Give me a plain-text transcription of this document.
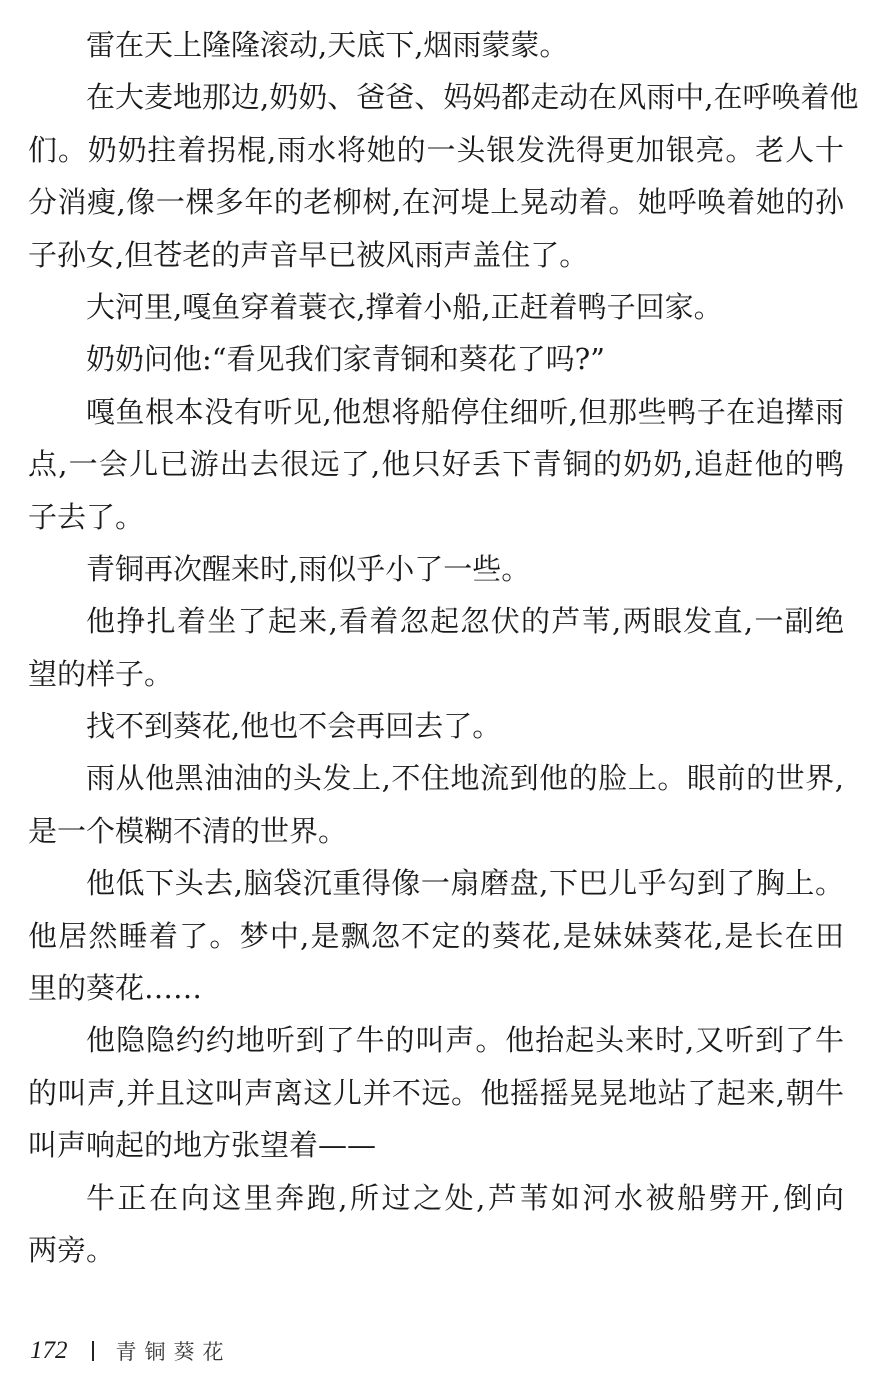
雷在天上隆隆滚动,天底下,烟雨蒙蒙。
在大麦地那边,奶奶、爸爸、妈妈都走动在风雨中,在呼唤着他
们。奶奶拄着拐棍,雨水将她的一头银发洗得更加银亮。老人十
分消瘦,像一棵多年的老柳树,在河堤上晃动着。她呼唤着她的孙
子孙女,但苍老的声音早已被风雨声盖住了。
大河里,嘎鱼穿着蓑衣,撑着小船,正赶着鸭子回家。
奶奶问他:“看见我们家青铜和葵花了吗?”
嘎鱼根本没有听见,他想将船停住细听,但那些鸭子在追撵雨
点,一会儿已游出去很远了,他只好丢下青铜的奶奶,追赶他的鸭
子去了。
青铜再次醒来时,雨似乎小了一些。
他挣扎着坐了起来,看着忽起忽伏的芦苇,两眼发直,一副绝
望的样子。
找不到葵花,他也不会再回去了。
雨从他黑油油的头发上,不住地流到他的脸上。眼前的世界,
是一个模糊不清的世界。
他低下头去,脑袋沉重得像一扇磨盘,下巴儿乎勾到了胸上。
他居然睡着了。梦中,是飘忽不定的葵花,是妹妹葵花,是长在田
里的葵花……
他隐隐约约地听到了牛的叫声。他抬起头来时,又听到了牛
的叫声,并且这叫声离这儿并不远。他摇摇晃晃地站了起来,朝牛
叫声响起的地方张望着——
牛正在向这里奔跑,所过之处,芦苇如河水被船劈开,倒向
两旁。
172 青铜葵花
